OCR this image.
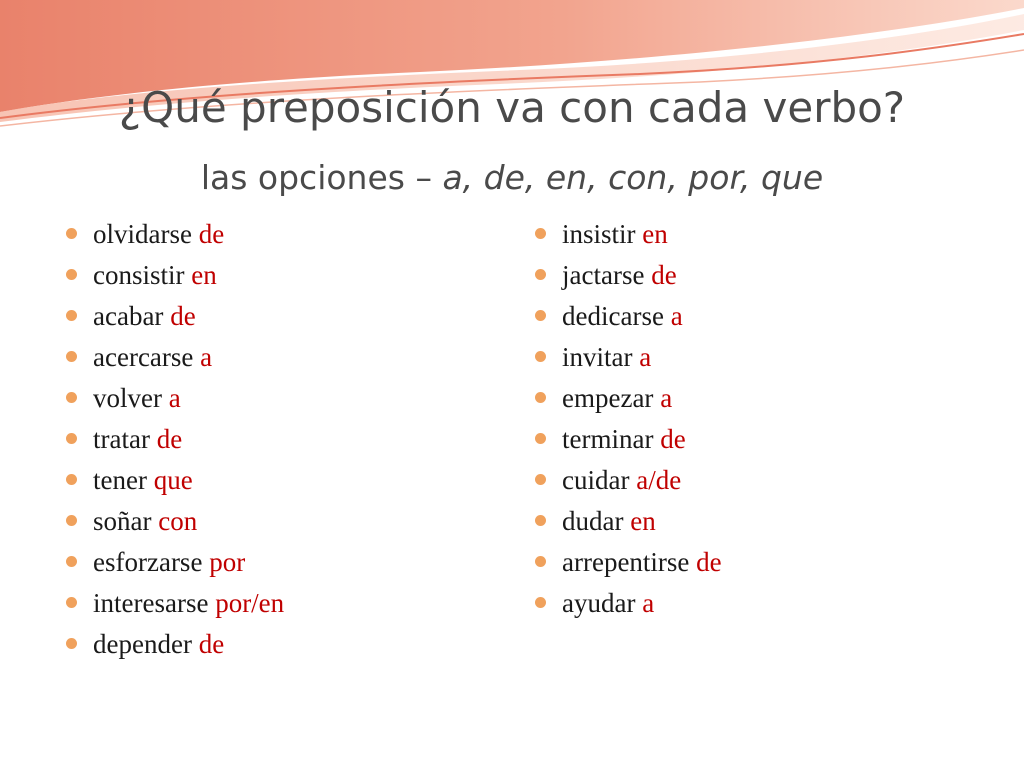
¿Qué preposición va con cada verbo?
las opciones – a, de, en, con, por, que
olvidarse de
consistir en
acabar de
acercarse a
volver a
tratar de
tener que
soñar con
esforzarse por
interesarse por/en
depender de
insistir en
jactarse de
dedicarse a
invitar a
empezar a
terminar de
cuidar a/de
dudar en
arrepentirse de
ayudar a
